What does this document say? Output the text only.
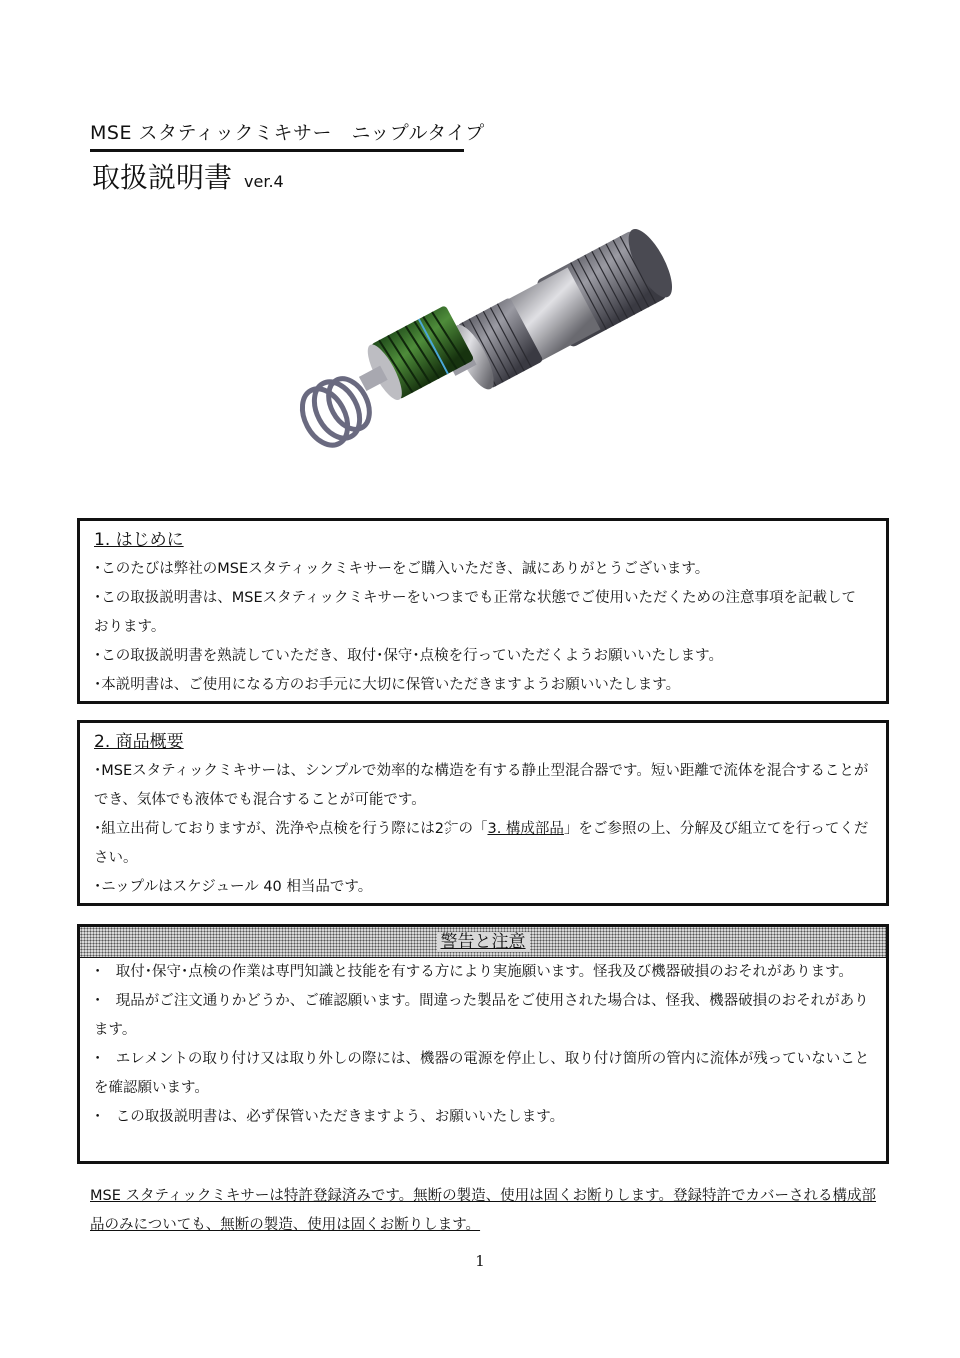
MSE スタティックミキサー　ニップルタイプ
取扱説明書 ver.4
1. はじめに

･このたびは弊社のMSEスタティックミキサーをご購入いただき、誠にありがとうございます。

･この取扱説明書は、MSEスタティックミキサーをいつまでも正常な状態でご使用いただくための注意事項を記載しております。

･この取扱説明書を熟読していただき、取付･保守･点検を行っていただくようお願いいたします。

･本説明書は、ご使用になる方のお手元に大切に保管いただきますようお願いいたします。

2. 商品概要

･MSEスタティックミキサーは、シンプルで効率的な構造を有する静止型混合器です。短い距離で流体を混合することができ、気体でも液体でも混合することが可能です。

･組立出荷しておりますが、洗浄や点検を行う際には2㌻の「3. 構成部品」をご参照の上、分解及び組立てを行ってください。

･ニップルはスケジュール 40 相当品です。

警告と注意

･　取付･保守･点検の作業は専門知識と技能を有する方により実施願います。怪我及び機器破損のおそれがあります。

･　現品がご注文通りかどうか、ご確認願います。間違った製品をご使用された場合は、怪我、機器破損のおそれがあります。

･　エレメントの取り付け又は取り外しの際には、機器の電源を停止し、取り付け箇所の管内に流体が残っていないことを確認願います。

･　この取扱説明書は、必ず保管いただきますよう、お願いいたします。

MSE スタティックミキサーは特許登録済みです。無断の製造、使用は固くお断りします。登録特許でカバーされる構成部品のみについても、無断の製造、使用は固くお断りします。
1
